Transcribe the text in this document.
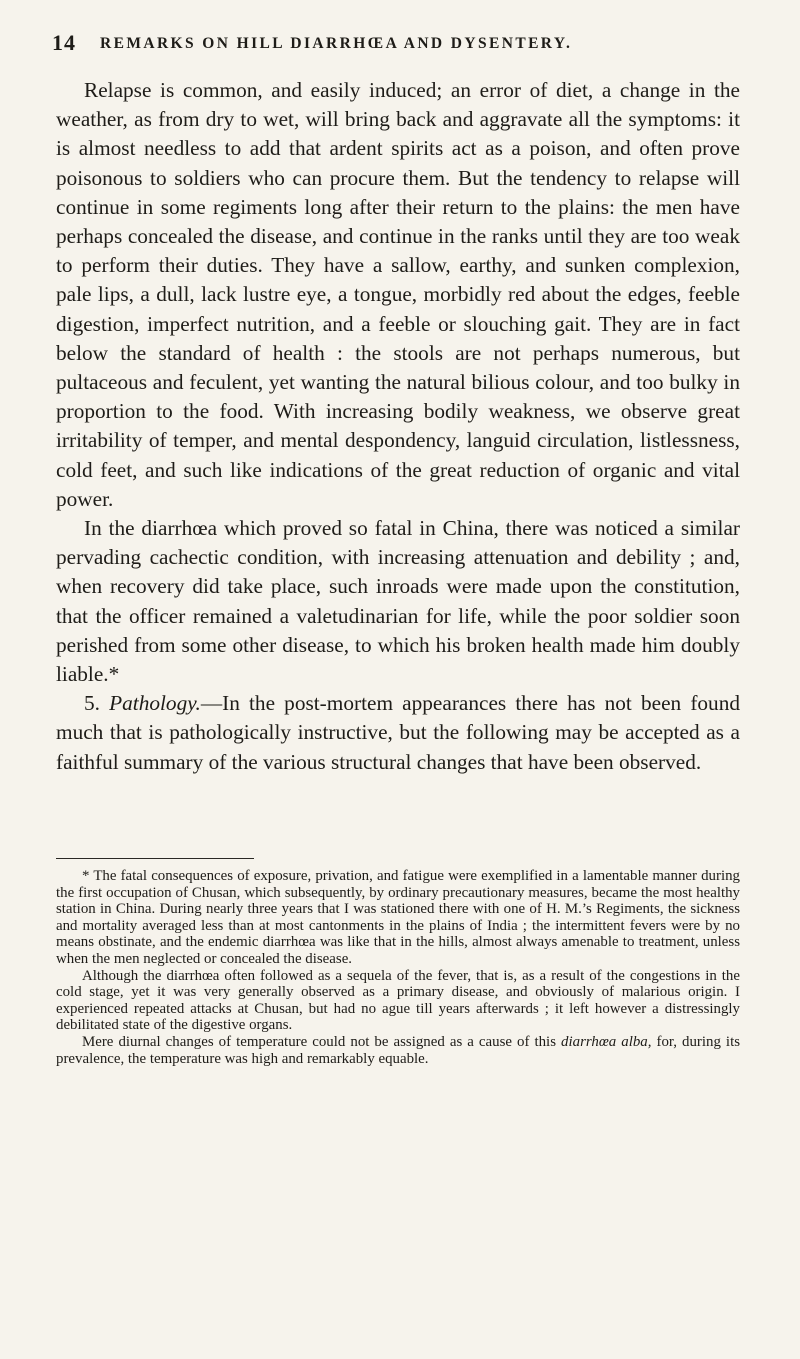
14 REMARKS ON HILL DIARRHŒA AND DYSENTERY.

Relapse is common, and easily induced; an error of diet, a change in the weather, as from dry to wet, will bring back and aggravate all the symptoms: it is almost needless to add that ardent spirits act as a poison, and often prove poisonous to soldiers who can procure them. But the tendency to relapse will continue in some regiments long after their return to the plains: the men have perhaps concealed the disease, and continue in the ranks until they are too weak to perform their duties. They have a sallow, earthy, and sunken complexion, pale lips, a dull, lack lustre eye, a tongue, morbidly red about the edges, feeble digestion, imperfect nutrition, and a feeble or slouching gait. They are in fact below the standard of health : the stools are not perhaps numerous, but pultaceous and feculent, yet wanting the natural bilious colour, and too bulky in proportion to the food. With increasing bodily weakness, we observe great irritability of temper, and mental despondency, languid circulation, listlessness, cold feet, and such like indications of the great reduction of organic and vital power.

In the diarrhœa which proved so fatal in China, there was noticed a similar pervading cachectic condition, with increasing attenuation and debility ; and, when recovery did take place, such inroads were made upon the constitution, that the officer remained a valetudinarian for life, while the poor soldier soon perished from some other disease, to which his broken health made him doubly liable.*

5. Pathology.—In the post-mortem appearances there has not been found much that is pathologically instructive, but the following may be accepted as a faithful summary of the various structural changes that have been observed.

* The fatal consequences of exposure, privation, and fatigue were exemplified in a lamentable manner during the first occupation of Chusan, which subsequently, by ordinary precautionary measures, became the most healthy station in China. During nearly three years that I was stationed there with one of H. M.’s Regiments, the sickness and mortality averaged less than at most cantonments in the plains of India ; the intermittent fevers were by no means obstinate, and the endemic diarrhœa was like that in the hills, almost always amenable to treatment, unless when the men neglected or concealed the disease.

Although the diarrhœa often followed as a sequela of the fever, that is, as a result of the congestions in the cold stage, yet it was very generally observed as a primary disease, and obviously of malarious origin. I experienced repeated attacks at Chusan, but had no ague till years afterwards ; it left however a distressingly debilitated state of the digestive organs.

Mere diurnal changes of temperature could not be assigned as a cause of this diarrhœa alba, for, during its prevalence, the temperature was high and remarkably equable.
